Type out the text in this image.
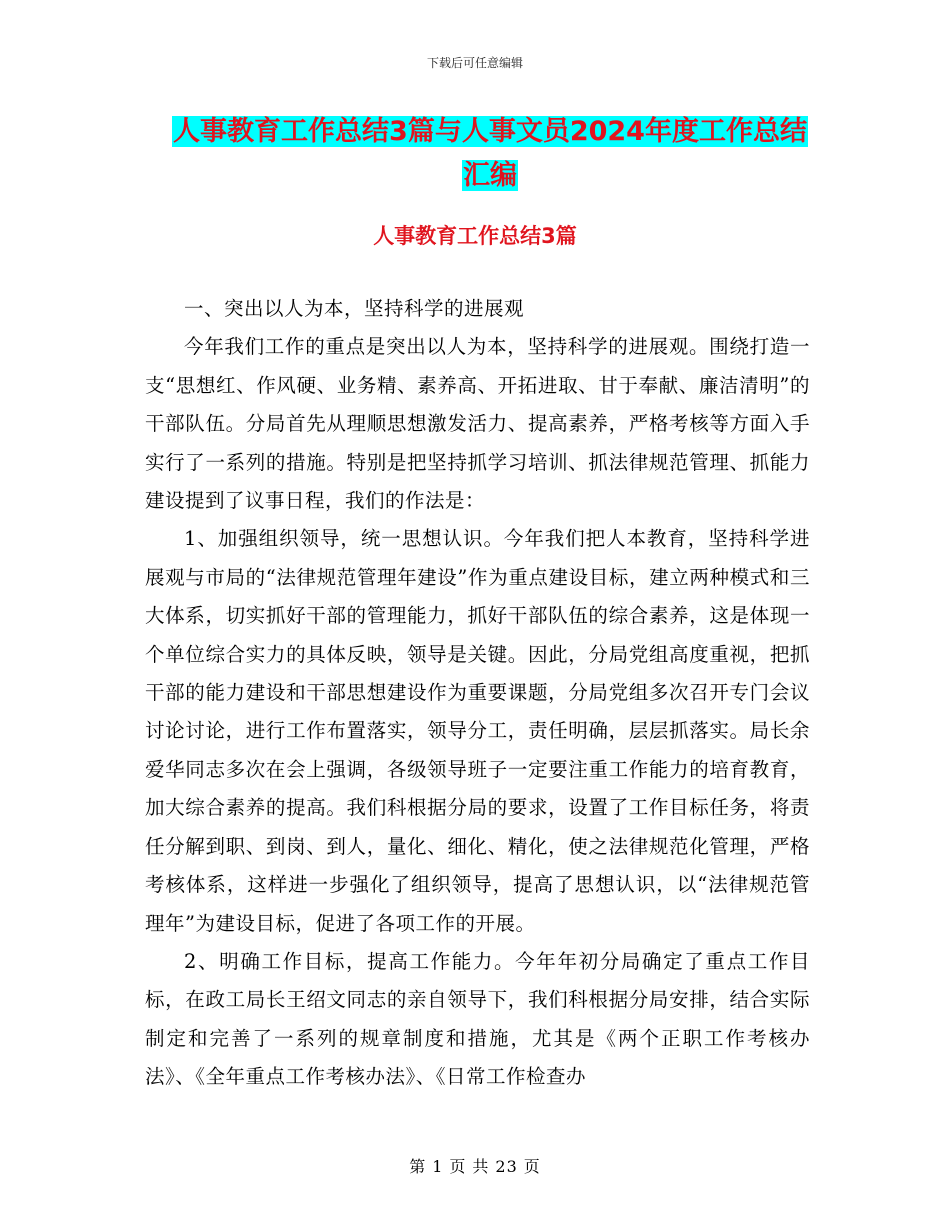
下载后可任意编辑
人事教育工作总结3篇与人事文员2024年度工作总结
汇编
人事教育工作总结3篇

一、突出以人为本，坚持科学的进展观

今年我们工作的重点是突出以人为本，坚持科学的进展观。围绕打造一支“思想红、作风硬、业务精、素养高、开拓进取、甘于奉献、廉洁清明”的干部队伍。分局首先从理顺思想激发活力、提高素养，严格考核等方面入手实行了一系列的措施。特别是把坚持抓学习培训、抓法律规范管理、抓能力建设提到了议事日程，我们的作法是：

1、加强组织领导，统一思想认识。今年我们把人本教育，坚持科学进展观与市局的“法律规范管理年建设”作为重点建设目标，建立两种模式和三大体系，切实抓好干部的管理能力，抓好干部队伍的综合素养，这是体现一个单位综合实力的具体反映，领导是关键。因此，分局党组高度重视，把抓干部的能力建设和干部思想建设作为重要课题，分局党组多次召开专门会议讨论讨论，进行工作布置落实，领导分工，责任明确，层层抓落实。局长余爱华同志多次在会上强调，各级领导班子一定要注重工作能力的培育教育，加大综合素养的提高。我们科根据分局的要求，设置了工作目标任务，将责任分解到职、到岗、到人，量化、细化、精化，使之法律规范化管理，严格考核体系，这样进一步强化了组织领导，提高了思想认识，以“法律规范管理年”为建设目标，促进了各项工作的开展。

2、明确工作目标，提高工作能力。今年年初分局确定了重点工作目标，在政工局长王绍文同志的亲自领导下，我们科根据分局安排，结合实际制定和完善了一系列的规章制度和措施，尤其是《两个正职工作考核办法》、《全年重点工作考核办法》、《日常工作检查办

第 1 页 共 23 页
